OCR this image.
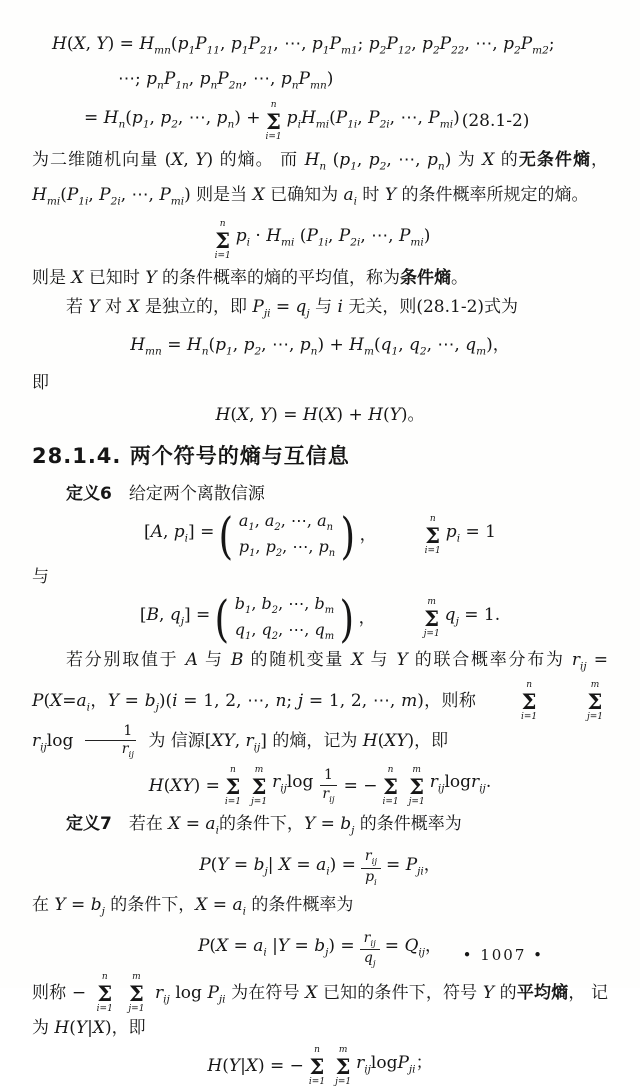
H(X, $Y) = H_{mn}(p_1P_{11}$, $p_1P_{21}$, ⋯, $p_1P_{m1}$; $p_2P_{12}$, $p_2P_{22}$, ⋯, $p_2P_{m2}$;
⋯; $p_nP_{1n}$, $p_nP_{2n}$, ⋯, $p_nP_{mn}$)
= $H_n(p_1$, $p_2$, ⋯, $p_n$) +
n
Σ
i=1
$p_iH_{mi}(P_{1i}$, $P_{2i}$, ⋯, $P_{mi}$) (28.1-2)

为二维随机向量 (X, Y) 的熵。 而 $H_n$ ($p_1$, $p_2$, ⋯, $p_n$) 为 X 的无条件熵，$H_{mi}(P_{1i}$, $P_{2i}$, ⋯, $P_{mi}$) 则是当 X 已确知为 $a_i$ 时 Y 的条件概率所规定的熵。

n
Σ
i=1
$p_i \cdot H_{mi}$ ($P_{1i}$, $P_{2i}$, ⋯, $P_{mi}$)

则是 X 已知时 Y 的条件概率的熵的平均值，称为条件熵。

若 Y 对 X 是独立的，即 $P_{ji} = q_j$ 与 i 无关，则(28.1-2)式为

$H_{mn} = H_n(p_1$, $p_2$, ⋯, $p_n) + H_m(q_1$, $q_2$, ⋯, $q_m$)，

即

H(X, Y) = H(X) + H(Y)。
28.1.4. 两个符号的熵与互信息

定义6　给定两个离散信源

[A, $p_i$] = ( $a_1$, $a_2$, ⋯, $a_n$
$p_1$, $p_2$, ⋯, $p_n$ ) ，
n
Σ
i=1
$p_i = 1$

与

[B, $q_j$] = ( $b_1$, $b_2$, ⋯, $b_m$
$q_1$, $q_2$, ⋯, $q_m$ ) ，
m
Σ
j=1
$q_j = 1$.

若分别取值于 A 与 B 的随机变量 X 与 Y 的联合概率分布为 $r_{ij} = P(X=a_i$，$Y = b_j)(i = 1$, 2, ⋯, n; j = 1, 2, ⋯, m)，则称
n
Σ
i=1

m
Σ
j=1
$r_{ij}\log \frac{1}{r_{ij}}$ 为 信源[XY, $r_{ij}$] 的熵，记为 H(XY)，即

H(XY) =
n
Σ
i=1
m
Σ
j=1
$r_{ij}\log \frac{1}{r_{ij}}$ = −
n
Σ
i=1
m
Σ
j=1
$r_{ij}\log r_{ij}$.

定义7　若在 $X = a_i$的条件下，$Y = b_j$ 的条件概率为

$P(Y = b_j|$ $X = a_i) = \frac{r_{ij}}{p_i} = P_{ji}$，

在 $Y = b_j$ 的条件下，$X = a_i$ 的条件概率为

$P(X = a_i$ $|Y = b_j) = \frac{r_{ij}}{q_j} = Q_{ij}$，

则称 −
n
Σ
i=1

m
Σ
j=1
$r_{ij}$ $\log P_{ji}$ 为在符号 X 已知的条件下，符号 Y 的平均熵， 记为 H(Y|X)，即

H(Y|X) = −
n
Σ
i=1
m
Σ
j=1
$r_{ij}\log P_{ji}$；
• 1007 •
